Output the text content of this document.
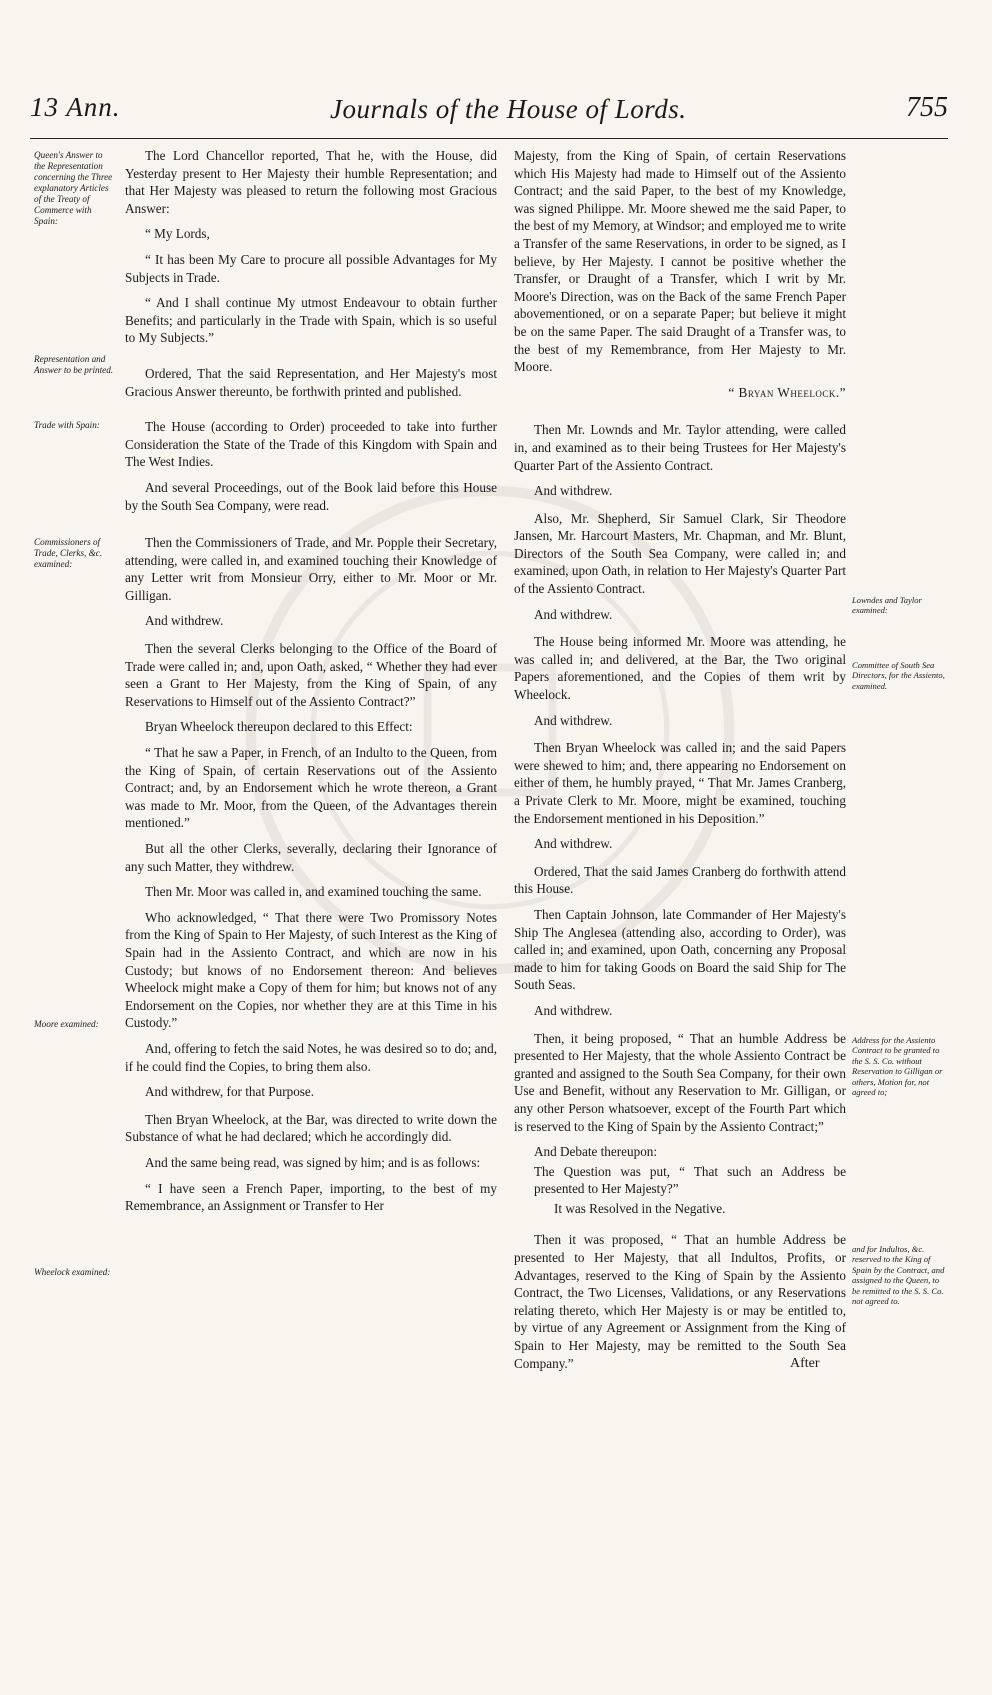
13 Ann.	Journals of the House of Lords.	755
Queen's Answer to the Representation concerning the Three explanatory Articles of the Treaty of Commerce with Spain:
Representation and Answer to be printed.
Trade with Spain:
Commissioners of Trade, Clerks, &c. examined:
Moore examined:
Wheelock examined:
Lowndes and Taylor examined:
Committee of South Sea Directors, for the Assiento, examined.
Address for the Assiento Contract to be granted to the S. S. Co. without Reservation to Gilligan or others, Motion for, not agreed to;
and for Indultos, &c. reserved to the King of Spain by the Contract, and assigned to the Queen, to be remitted to the S. S. Co. not agreed to.

The Lord Chancellor reported, That he, with the House, did Yesterday present to Her Majesty their humble Representation; and that Her Majesty was pleased to return the following most Gracious Answer:

“ My Lords,

“ It has been My Care to procure all possible Advantages for My Subjects in Trade.

“ And I shall continue My utmost Endeavour to obtain further Benefits; and particularly in the Trade with Spain, which is so useful to My Subjects.”

Ordered, That the said Representation, and Her Majesty's most Gracious Answer thereunto, be forthwith printed and published.

The House (according to Order) proceeded to take into further Consideration the State of the Trade of this Kingdom with Spain and The West Indies.

And several Proceedings, out of the Book laid before this House by the South Sea Company, were read.

Then the Commissioners of Trade, and Mr. Popple their Secretary, attending, were called in, and examined touching their Knowledge of any Letter writ from Monsieur Orry, either to Mr. Moor or Mr. Gilligan.

And withdrew.

Then the several Clerks belonging to the Office of the Board of Trade were called in; and, upon Oath, asked, “ Whether they had ever seen a Grant to Her Majesty, from the King of Spain, of any Reservations to Himself out of the Assiento Contract?”

Bryan Wheelock thereupon declared to this Effect:

“ That he saw a Paper, in French, of an Indulto to the Queen, from the King of Spain, of certain Reservations out of the Assiento Contract; and, by an Endorsement which he wrote thereon, a Grant was made to Mr. Moor, from the Queen, of the Advantages therein mentioned.”

But all the other Clerks, severally, declaring their Ignorance of any such Matter, they withdrew.

Then Mr. Moor was called in, and examined touching the same.

Who acknowledged, “ That there were Two Promissory Notes from the King of Spain to Her Majesty, of such Interest as the King of Spain had in the Assiento Contract, and which are now in his Custody; but knows of no Endorsement thereon: And believes Wheelock might make a Copy of them for him; but knows not of any Endorsement on the Copies, nor whether they are at this Time in his Custody.”

And, offering to fetch the said Notes, he was desired so to do; and, if he could find the Copies, to bring them also.

And withdrew, for that Purpose.

Then Bryan Wheelock, at the Bar, was directed to write down the Substance of what he had declared; which he accordingly did.

And the same being read, was signed by him; and is as follows:

“ I have seen a French Paper, importing, to the best of my Remembrance, an Assignment or Transfer to Her

Majesty, from the King of Spain, of certain Reservations which His Majesty had made to Himself out of the Assiento Contract; and the said Paper, to the best of my Knowledge, was signed Philippe. Mr. Moore shewed me the said Paper, to the best of my Memory, at Windsor; and employed me to write a Transfer of the same Reservations, in order to be signed, as I believe, by Her Majesty. I cannot be positive whether the Transfer, or Draught of a Transfer, which I writ by Mr. Moore's Direction, was on the Back of the same French Paper abovementioned, or on a separate Paper; but believe it might be on the same Paper. The said Draught of a Transfer was, to the best of my Remembrance, from Her Majesty to Mr. Moore.

“ Bryan Wheelock.”

Then Mr. Lownds and Mr. Taylor attending, were called in, and examined as to their being Trustees for Her Majesty's Quarter Part of the Assiento Contract.

And withdrew.

Also, Mr. Shepherd, Sir Samuel Clark, Sir Theodore Jansen, Mr. Harcourt Masters, Mr. Chapman, and Mr. Blunt, Directors of the South Sea Company, were called in; and examined, upon Oath, in relation to Her Majesty's Quarter Part of the Assiento Contract.

And withdrew.

The House being informed Mr. Moore was attending, he was called in; and delivered, at the Bar, the Two original Papers aforementioned, and the Copies of them writ by Wheelock.

And withdrew.

Then Bryan Wheelock was called in; and the said Papers were shewed to him; and, there appearing no Endorsement on either of them, he humbly prayed, “ That Mr. James Cranberg, a Private Clerk to Mr. Moore, might be examined, touching the Endorsement mentioned in his Deposition.”

And withdrew.

Ordered, That the said James Cranberg do forthwith attend this House.

Then Captain Johnson, late Commander of Her Majesty's Ship The Anglesea (attending also, according to Order), was called in; and examined, upon Oath, concerning any Proposal made to him for taking Goods on Board the said Ship for The South Seas.

And withdrew.

Then, it being proposed, “ That an humble Address be presented to Her Majesty, that the whole Assiento Contract be granted and assigned to the South Sea Company, for their own Use and Benefit, without any Reservation to Mr. Gilligan, or any other Person whatsoever, except of the Fourth Part which is reserved to the King of Spain by the Assiento Contract;”

And Debate thereupon:

The Question was put, “ That such an Address be presented to Her Majesty?”

It was Resolved in the Negative.

Then it was proposed, “ That an humble Address be presented to Her Majesty, that all Indultos, Profits, or Advantages, reserved to the King of Spain by the Assiento Contract, the Two Licenses, Validations, or any Reservations relating thereto, which Her Majesty is or may be entitled to, by virtue of any Agreement or Assignment from the King of Spain to Her Majesty, may be remitted to the South Sea Company.”	After
